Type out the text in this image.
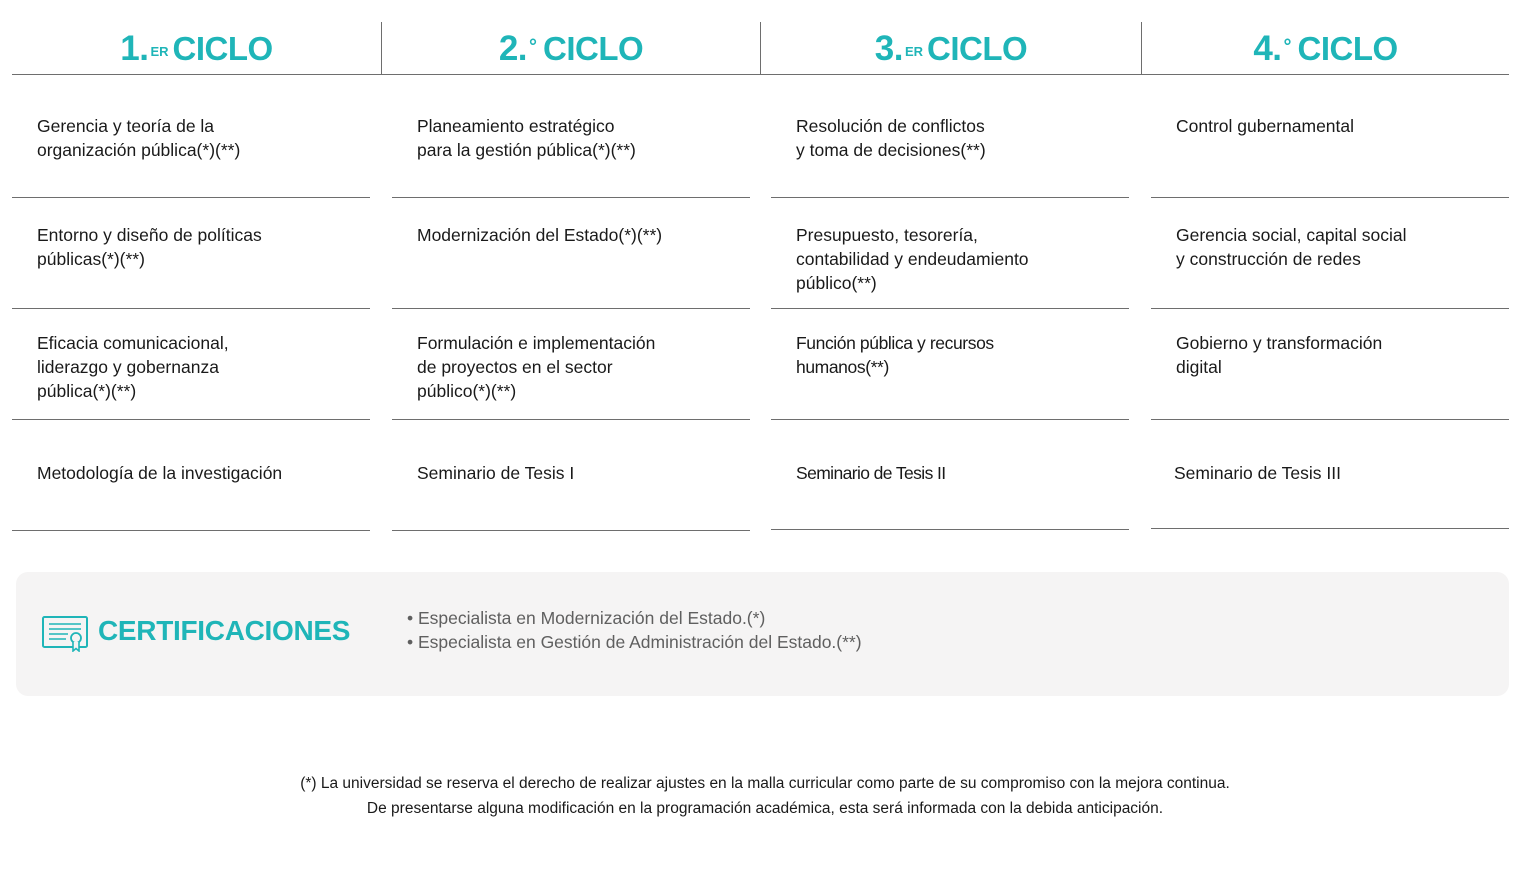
1. $^{ER}$ CICLO	2. ° CICLO	3. $^{ER}$ CICLO	4. ° CICLO
Gerencia y teoría de la
organización pública(*)(**)
Entorno y diseño de políticas
públicas(*)(**)
Eficacia comunicacional,
liderazgo y gobernanza
pública(*)(**)
Metodología de la investigación
Planeamiento estratégico
para la gestión pública(*)(**)
Modernización del Estado(*)(**)
Formulación e implementación
de proyectos en el sector
público(*)(**)
Seminario de Tesis I
Resolución de conflictos
y toma de decisiones(**)
Presupuesto, tesorería,
contabilidad y endeudamiento
público(**)
Función pública y recursos
humanos(**)
Seminario de Tesis II
Control gubernamental
Gerencia social, capital social
y construcción de redes
Gobierno y transformación
digital
Seminario de Tesis III
CERTIFICACIONES
•	Especialista en Modernización del Estado.(*)
• Especialista en Gestión de Administración del Estado.(**)
(*) La universidad se reserva el derecho de realizar ajustes en la malla curricular como parte de su compromiso con la mejora continua.
De presentarse alguna modificación en la programación académica, esta será informada con la debida anticipación.
